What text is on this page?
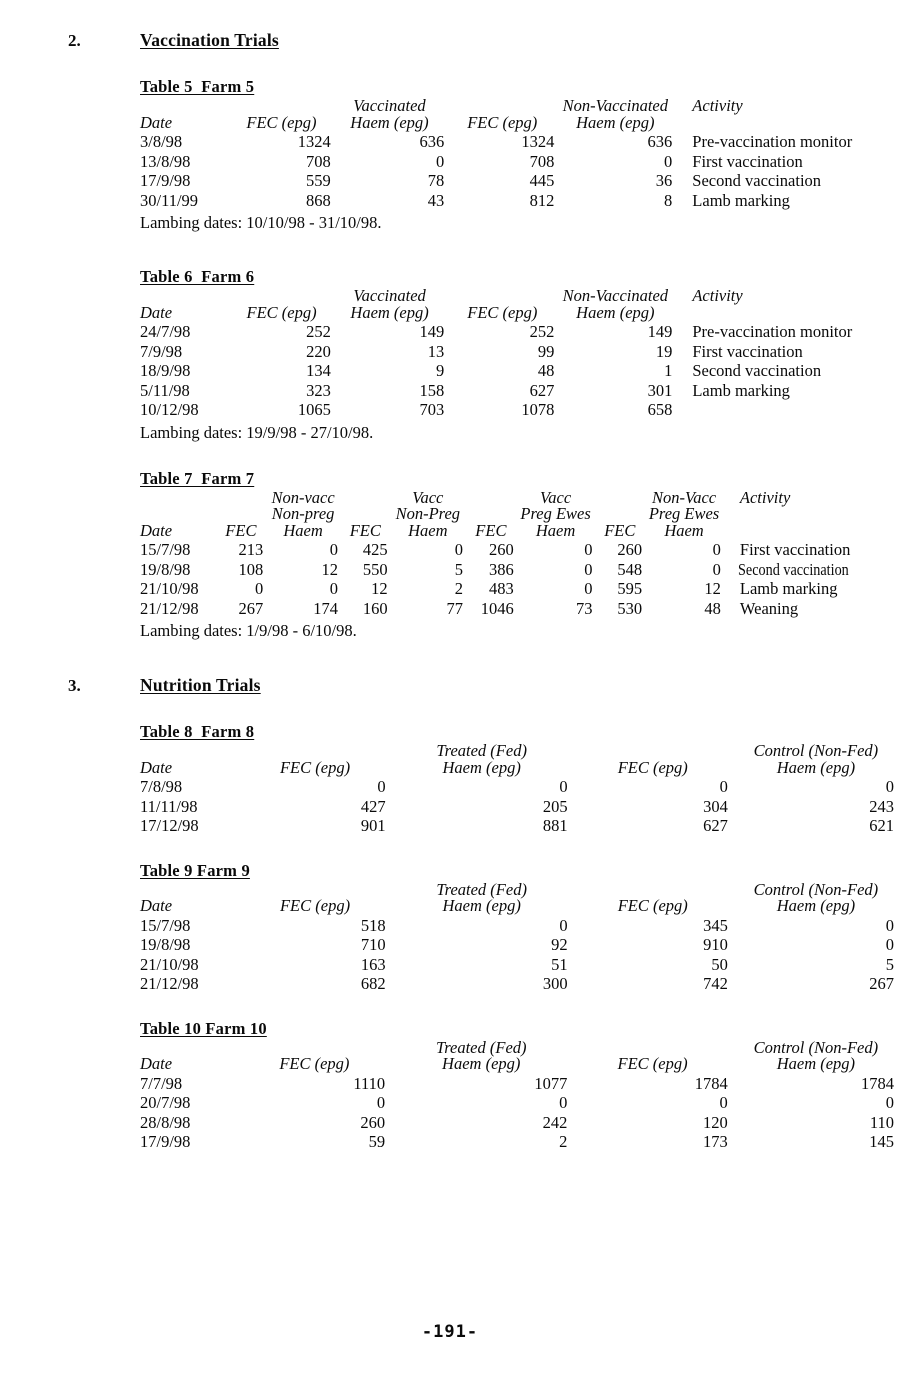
2.	Vaccination Trials
Table 5  Farm 5
		Vaccinated		Non-Vaccinated	Activity
Date	FEC (epg)	Haem (epg)	FEC (epg)	Haem (epg)	
3/8/98	1324	636	1324	636	Pre-vaccination monitor
13/8/98	708	0	708	0	First vaccination
17/9/98	559	78	445	36	Second vaccination
30/11/99	868	43	812	8	Lamb marking
Lambing dates: 10/10/98 - 31/10/98.
Table 6  Farm 6
		Vaccinated		Non-Vaccinated	Activity
Date	FEC (epg)	Haem (epg)	FEC (epg)	Haem (epg)	
24/7/98	252	149	252	149	Pre-vaccination monitor
7/9/98	220	13	99	19	First vaccination
18/9/98	134	9	48	1	Second vaccination
5/11/98	323	158	627	301	Lamb marking
10/12/98	1065	703	1078	658	
Lambing dates: 19/9/98 - 27/10/98.
Table 7  Farm 7
		Non-vacc		Vacc		Vacc		Non-Vacc	Activity
		Non-preg		Non-Preg		Preg Ewes		Preg Ewes	
Date	FEC	Haem	FEC	Haem	FEC	Haem	FEC	Haem	
15/7/98	213	0	425	0	260	0	260	0	First vaccination
19/8/98	108	12	550	5	386	0	548	0	Second vaccination
21/10/98	0	0	12	2	483	0	595	12	Lamb marking
21/12/98	267	174	160	77	1046	73	530	48	Weaning
Lambing dates: 1/9/98 - 6/10/98.
3.	Nutrition Trials
Table 8  Farm 8
		Treated (Fed)		Control (Non-Fed)
Date	FEC (epg)	Haem (epg)	FEC (epg)	Haem (epg)
7/8/98	0	0	0	0
11/11/98	427	205	304	243
17/12/98	901	881	627	621
Table 9 Farm 9
		Treated (Fed)		Control (Non-Fed)
Date	FEC (epg)	Haem (epg)	FEC (epg)	Haem (epg)
15/7/98	518	0	345	0
19/8/98	710	92	910	0
21/10/98	163	51	50	5
21/12/98	682	300	742	267
Table 10 Farm 10
		Treated (Fed)		Control (Non-Fed)
Date	FEC (epg)	Haem (epg)	FEC (epg)	Haem (epg)
7/7/98	1110	1077	1784	1784
20/7/98	0	0	0	0
28/8/98	260	242	120	110
17/9/98	59	2	173	145
-191-
